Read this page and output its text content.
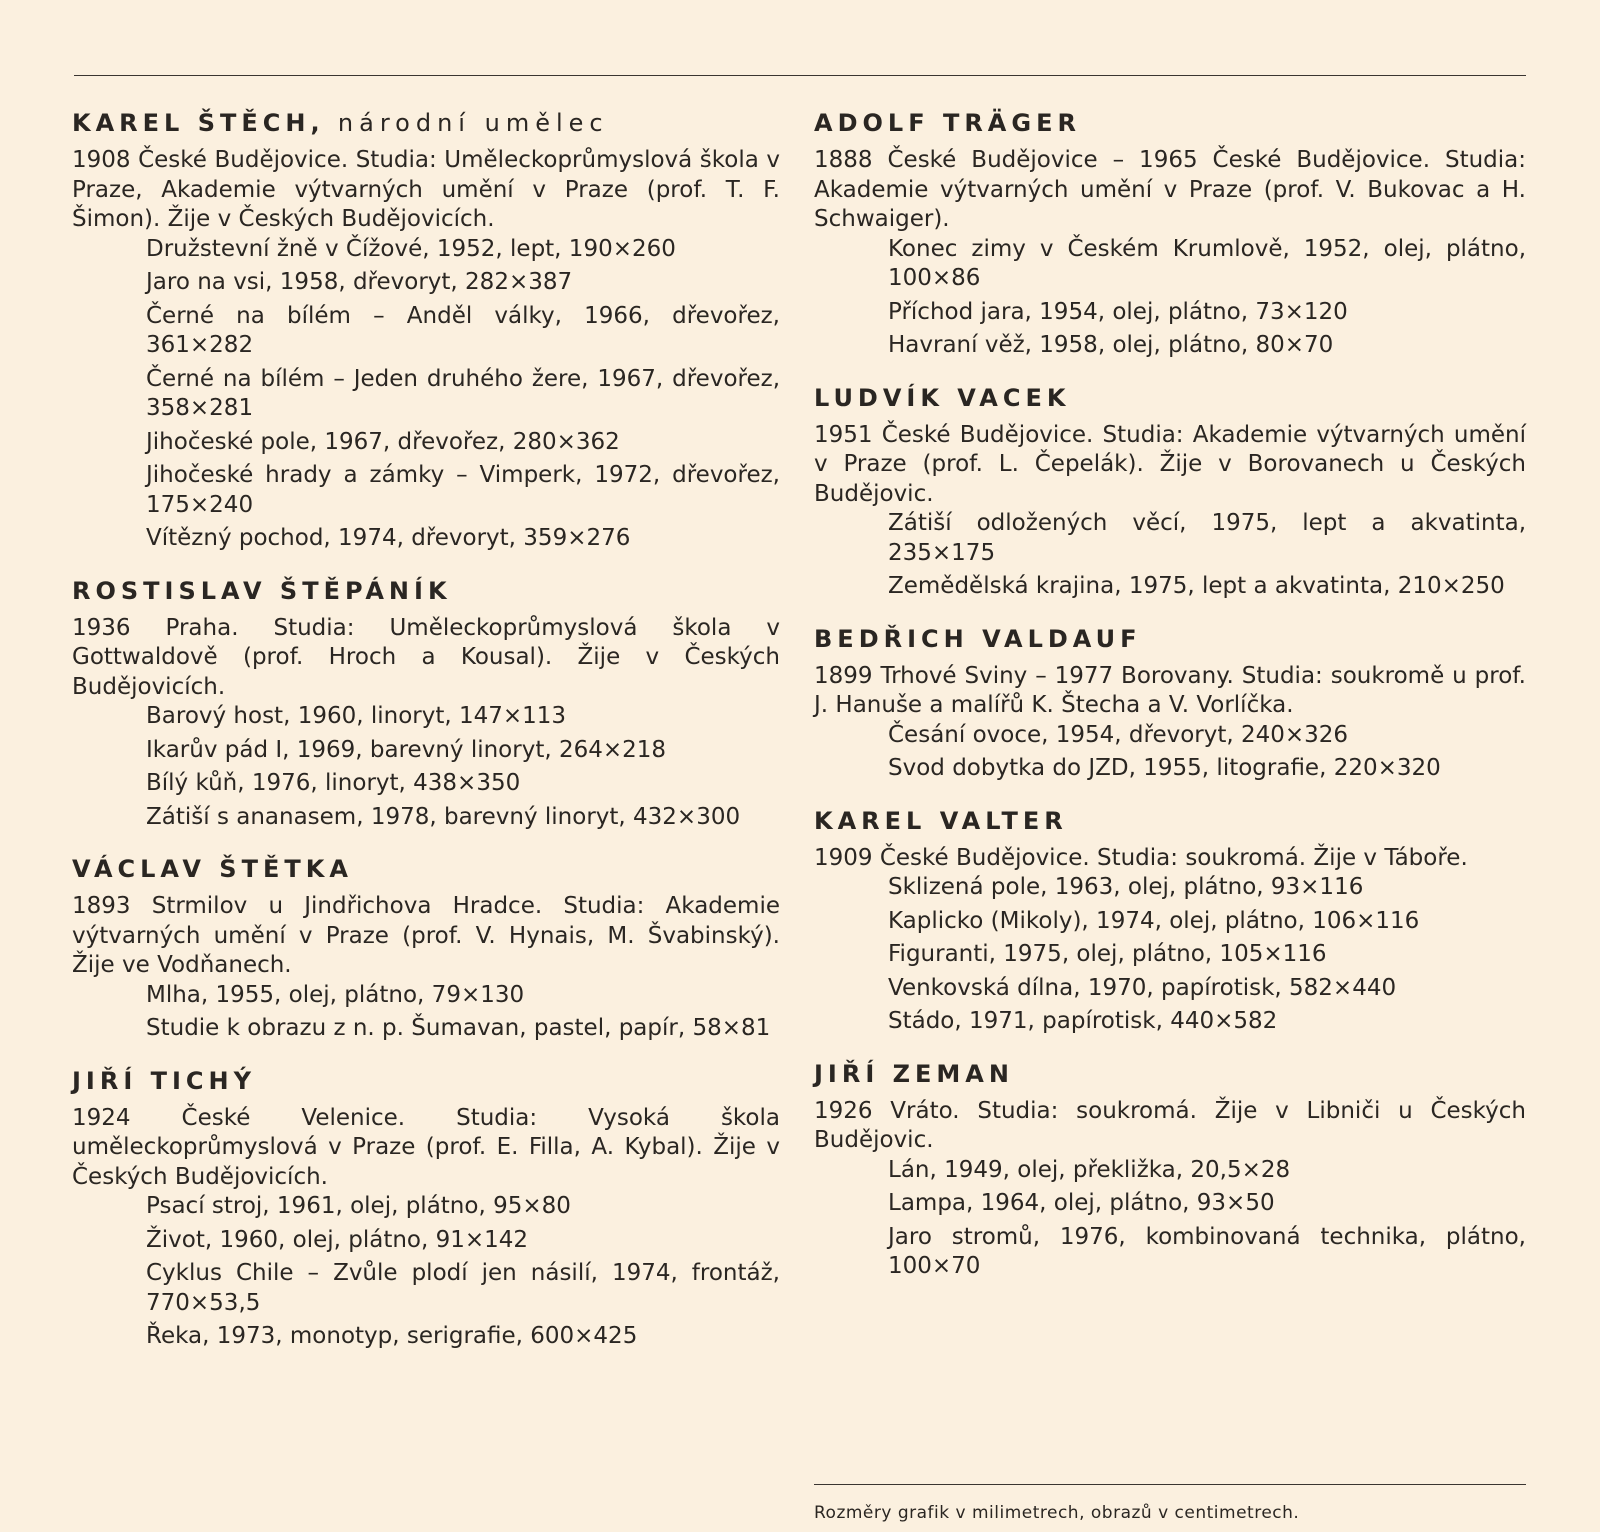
KAREL ŠTĚCH, národní umělec
1908 České Budějovice. Studia: Uměleckoprůmyslová škola v Praze, Akademie výtvarných umění v Praze (prof. T. F. Šimon). Žije v Českých Budějovicích.
Družstevní žně v Čížové, 1952, lept, 190×260
Jaro na vsi, 1958, dřevoryt, 282×387
Černé na bílém – Anděl války, 1966, dřevořez, 361×282
Černé na bílém – Jeden druhého žere, 1967, dřevořez, 358×281
Jihočeské pole, 1967, dřevořez, 280×362
Jihočeské hrady a zámky – Vimperk, 1972, dřevořez, 175×240
Vítězný pochod, 1974, dřevoryt, 359×276
ROSTISLAV ŠTĚPÁNÍK
1936 Praha. Studia: Uměleckoprůmyslová škola v Gottwaldově (prof. Hroch a Kousal). Žije v Českých Budějovicích.
Barový host, 1960, linoryt, 147×113
Ikarův pád I, 1969, barevný linoryt, 264×218
Bílý kůň, 1976, linoryt, 438×350
Zátiší s ananasem, 1978, barevný linoryt, 432×300
VÁCLAV ŠTĚTKA
1893 Strmilov u Jindřichova Hradce. Studia: Akademie výtvarných umění v Praze (prof. V. Hynais, M. Švabinský). Žije ve Vodňanech.
Mlha, 1955, olej, plátno, 79×130
Studie k obrazu z n. p. Šumavan, pastel, papír, 58×81
JIŘÍ TICHÝ
1924 České Velenice. Studia: Vysoká škola uměleckoprůmyslová v Praze (prof. E. Filla, A. Kybal). Žije v Českých Budějovicích.
Psací stroj, 1961, olej, plátno, 95×80
Život, 1960, olej, plátno, 91×142
Cyklus Chile – Zvůle plodí jen násilí, 1974, frontáž, 770×53,5
Řeka, 1973, monotyp, serigrafie, 600×425
ADOLF TRÄGER
1888 České Budějovice – 1965 České Budějovice. Studia: Akademie výtvarných umění v Praze (prof. V. Bukovac a H. Schwaiger).
Konec zimy v Českém Krumlově, 1952, olej, plátno, 100×86
Příchod jara, 1954, olej, plátno, 73×120
Havraní věž, 1958, olej, plátno, 80×70
LUDVÍK VACEK
1951 České Budějovice. Studia: Akademie výtvarných umění v Praze (prof. L. Čepelák). Žije v Borovanech u Českých Budějovic.
Zátiší odložených věcí, 1975, lept a akvatinta, 235×175
Zemědělská krajina, 1975, lept a akvatinta, 210×250
BEDŘICH VALDAUF
1899 Trhové Sviny – 1977 Borovany. Studia: soukromě u prof. J. Hanuše a malířů K. Štecha a V. Vorlíčka.
Česání ovoce, 1954, dřevoryt, 240×326
Svod dobytka do JZD, 1955, litografie, 220×320
KAREL VALTER
1909 České Budějovice. Studia: soukromá. Žije v Táboře.
Sklizená pole, 1963, olej, plátno, 93×116
Kaplicko (Mikoly), 1974, olej, plátno, 106×116
Figuranti, 1975, olej, plátno, 105×116
Venkovská dílna, 1970, papírotisk, 582×440
Stádo, 1971, papírotisk, 440×582
JIŘÍ ZEMAN
1926 Vráto. Studia: soukromá. Žije v Libniči u Českých Budějovic.
Lán, 1949, olej, překližka, 20,5×28
Lampa, 1964, olej, plátno, 93×50
Jaro stromů, 1976, kombinovaná technika, plátno, 100×70
Rozměry grafik v milimetrech, obrazů v centimetrech.
